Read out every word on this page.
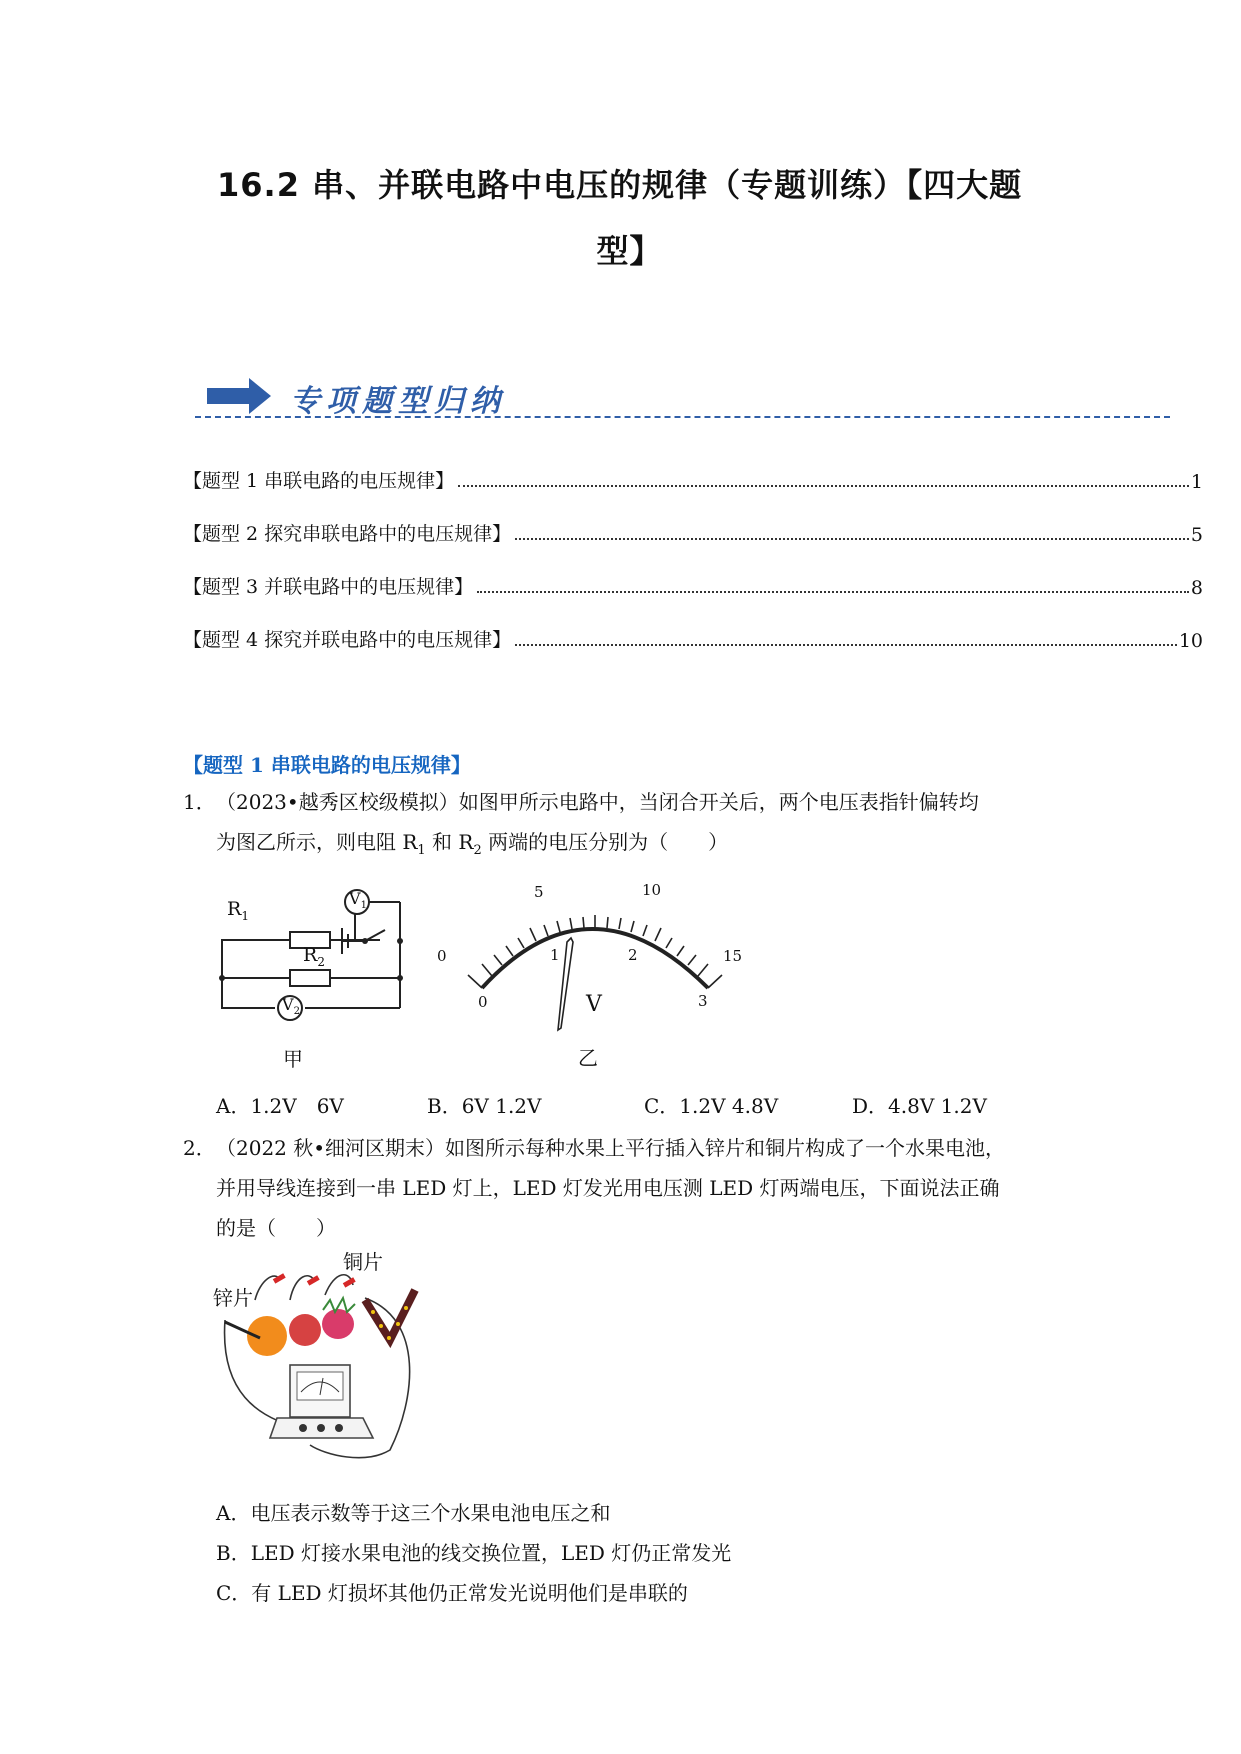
16.2 串、并联电路中电压的规律（专题训练）【四大题
型】
专项题型归纳
【题型 1 串联电路的电压规律】	1
【题型 2 探究串联电路中的电压规律】	5
【题型 3 并联电路中的电压规律】	8
【题型 4 探究并联电路中的电压规律】	10
【题型 1 串联电路的电压规律】
1． （2023•越秀区校级模拟）如图甲所示电路中，当闭合开关后，两个电压表指针偏转均
为图乙所示，则电阻 $R_1$ 和 $R_2$ 两端的电压分别为（　　）
$R_1$
$R_2$
$V_1$
$V_2$
甲
0
5	10
15
0
1	2
3
V
乙
A．1.2V　6V	B．6V 1.2V	C．1.2V 4.8V	D．4.8V 1.2V
2． （2022 秋•细河区期末）如图所示每种水果上平行插入锌片和铜片构成了一个水果电池，
并用导线连接到一串 LED 灯上，LED 灯发光用电压测 LED 灯两端电压，下面说法正确
的是（　　）
锌片
铜片
A．电压表示数等于这三个水果电池电压之和
B．LED 灯接水果电池的线交换位置，LED 灯仍正常发光
C．有 LED 灯损坏其他仍正常发光说明他们是串联的
